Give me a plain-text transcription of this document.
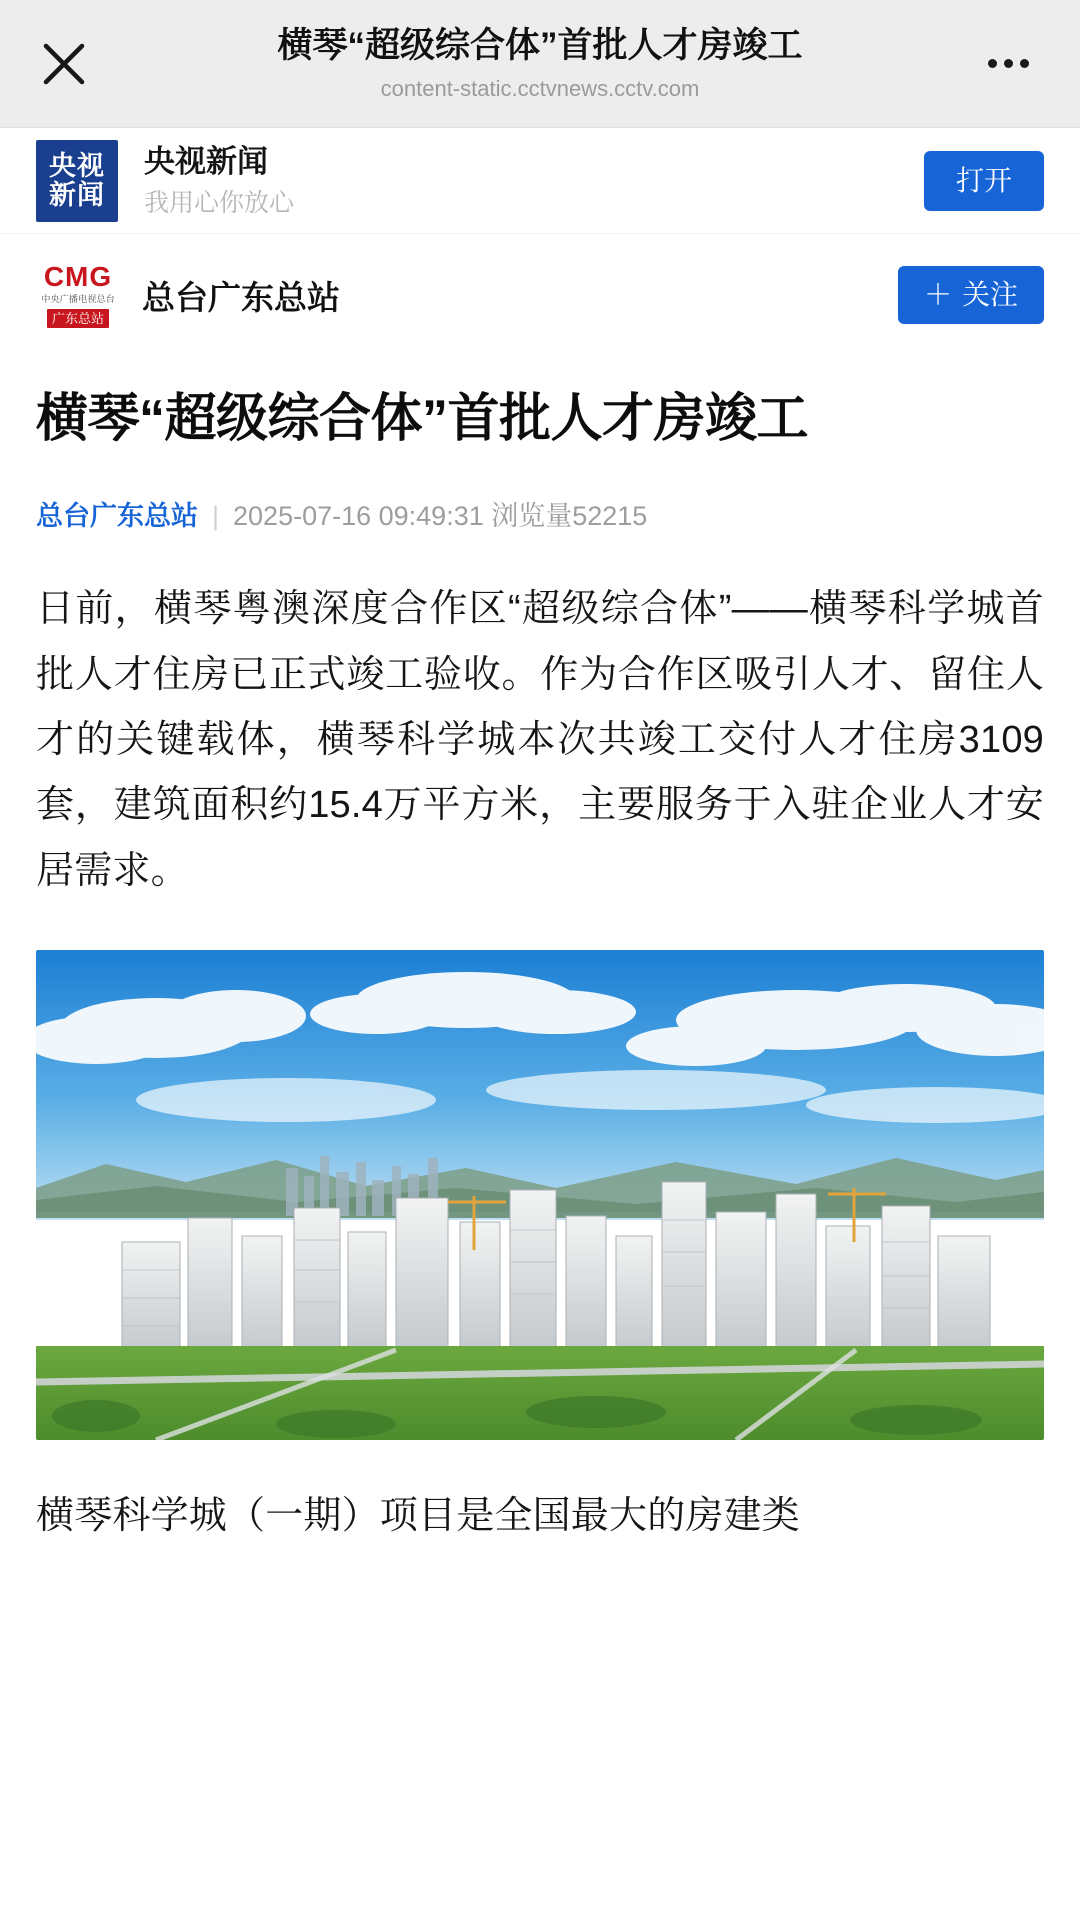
横琴“超级综合体”首批人才房竣工
content-static.cctvnews.cctv.com
央视
新闻
央视新闻
我用心你放心
打开
CMG
中央广播电视总台
广东总站
总台广东总站	＋ 关注
横琴“超级综合体”首批人才房竣工
总台广东总站 | 2025-07-16 09:49:31 浏览量52215

日前，横琴粤澳深度合作区“超级综合体”——横琴科学城首批人才住房已正式竣工验收。作为合作区吸引人才、留住人才的关键载体，横琴科学城本次共竣工交付人才住房3109套，建筑面积约15.4万平方米，主要服务于入驻企业人才安居需求。

横琴科学城（一期）项目是全国最大的房建类
